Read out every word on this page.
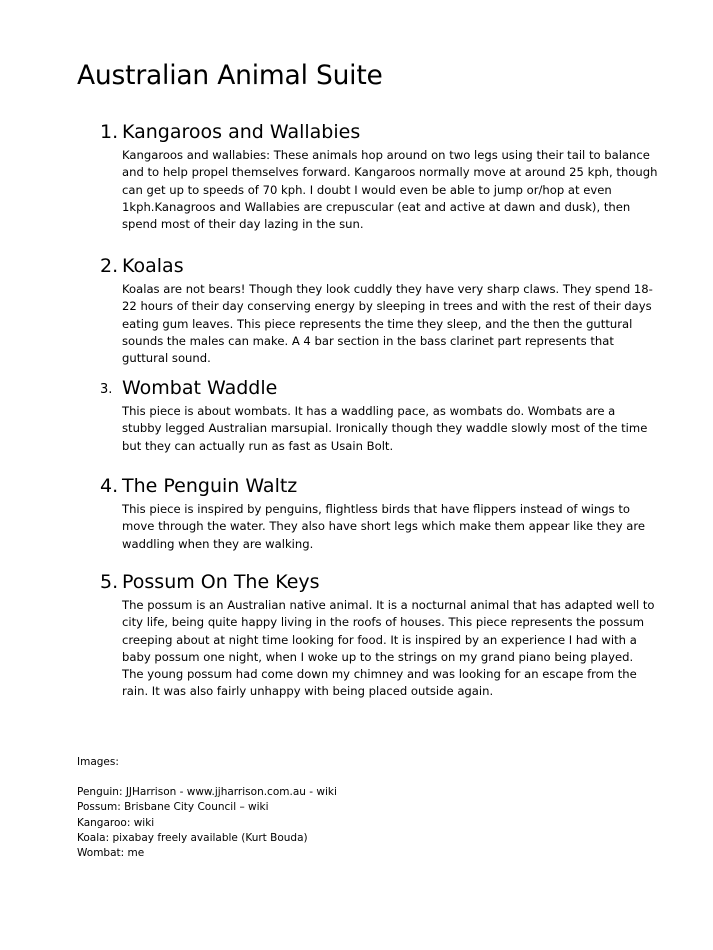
Australian Animal Suite
1. Kangaroos and Wallabies

Kangaroos and wallabies: These animals hop around on two legs using their tail to balance and to help propel themselves forward. Kangaroos normally move at around 25 kph, though can get up to speeds of 70 kph. I doubt I would even be able to jump or/hop at even 1kph.Kanagroos and Wallabies are crepuscular (eat and active at dawn and dusk), then spend most of their day lazing in the sun.

2. Koalas

Koalas are not bears! Though they look cuddly they have very sharp claws. They spend 18-22 hours of their day conserving energy by sleeping in trees and with the rest of their days eating gum leaves. This piece represents the time they sleep, and the then the guttural sounds the males can make. A 4 bar section in the bass clarinet part represents that guttural sound.

3. Wombat Waddle

This piece is about wombats. It has a waddling pace, as wombats do. Wombats are a stubby legged Australian marsupial. Ironically though they waddle slowly most of the time but they can actually run as fast as Usain Bolt.

4. The Penguin Waltz

This piece is inspired by penguins, flightless birds that have flippers instead of wings to move through the water. They also have short legs which make them appear like they are waddling when they are walking.

5. Possum On The Keys

The possum is an Australian native animal. It is a nocturnal animal that has adapted well to city life, being quite happy living in the roofs of houses. This piece represents the possum creeping about at night time looking for food. It is inspired by an experience I had with a baby possum one night, when I woke up to the strings on my grand piano being played. The young possum had come down my chimney and was looking for an escape from the rain. It was also fairly unhappy with being placed outside again.

Images:
Penguin: JJHarrison - www.jjharrison.com.au - wiki
Possum: Brisbane City Council – wiki
Kangaroo: wiki
Koala: pixabay freely available (Kurt Bouda)
Wombat: me
